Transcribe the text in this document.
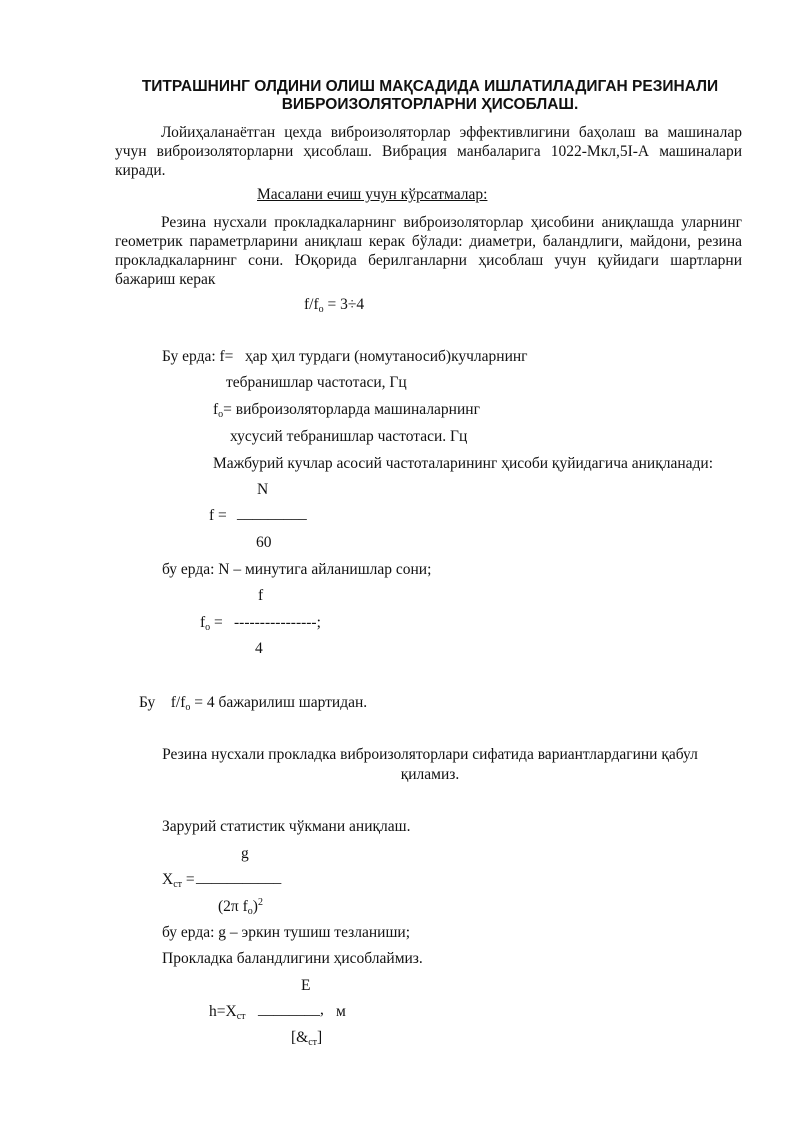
ТИТРАШНИНГ ОЛДИНИ ОЛИШ МАҚСАДИДА ИШЛАТИЛАДИГАН РЕЗИНАЛИ
ВИБРОИЗОЛЯТОРЛАРНИ ҲИСОБЛАШ.
Лойиҳаланаётган цехда виброизоляторлар эффективлигини баҳолаш ва машиналар учун виброизоляторларни ҳисоблаш. Вибрация манбаларига 1022-Мкл,5I-А машиналари киради.
Масалани ечиш учун кўрсатмалар:
Резина нусхали прокладкаларнинг виброизоляторлар ҳисобини аниқлашда уларнинг геометрик параметрларини аниқлаш керак бўлади: диаметри, баландлиги, майдони, резина прокладкаларнинг сони. Юқорида берилганларни ҳисоблаш учун қуйидаги шартларни бажариш керак
$f/f_o = 3\div 4$
Бу ерда: f= ҳар ҳил турдаги (номутаносиб)кучларнинг
тебранишлар частотаси, Гц
$f_o=$ виброизоляторларда машиналарнинг
хусусий тебранишлар частотаси. Гц
Мажбурий кучлар асосий частоталарининг ҳисоби қуйидагича аниқланади:
N
f = _________
60
бу ерда: N – минутига айланишлар сони;
f
$f_o$ = ----------------;
4
Бу $f/f_o = 4$ бажарилиш шартидан.
Резина нусхали прокладка виброизоляторлари сифатида вариантлардагини қабул қиламиз.
Зарурий статистик чўкмани аниқлаш.
g
$X_{ст}$ = ___________
(2π $f_o)^2$
бу ерда: g – эркин тушиш тезланиши;
Прокладка баландлигини ҳисоблаймиз.
E
$h=X_{ст}$ ________, м
$[\&_{ст}]$
